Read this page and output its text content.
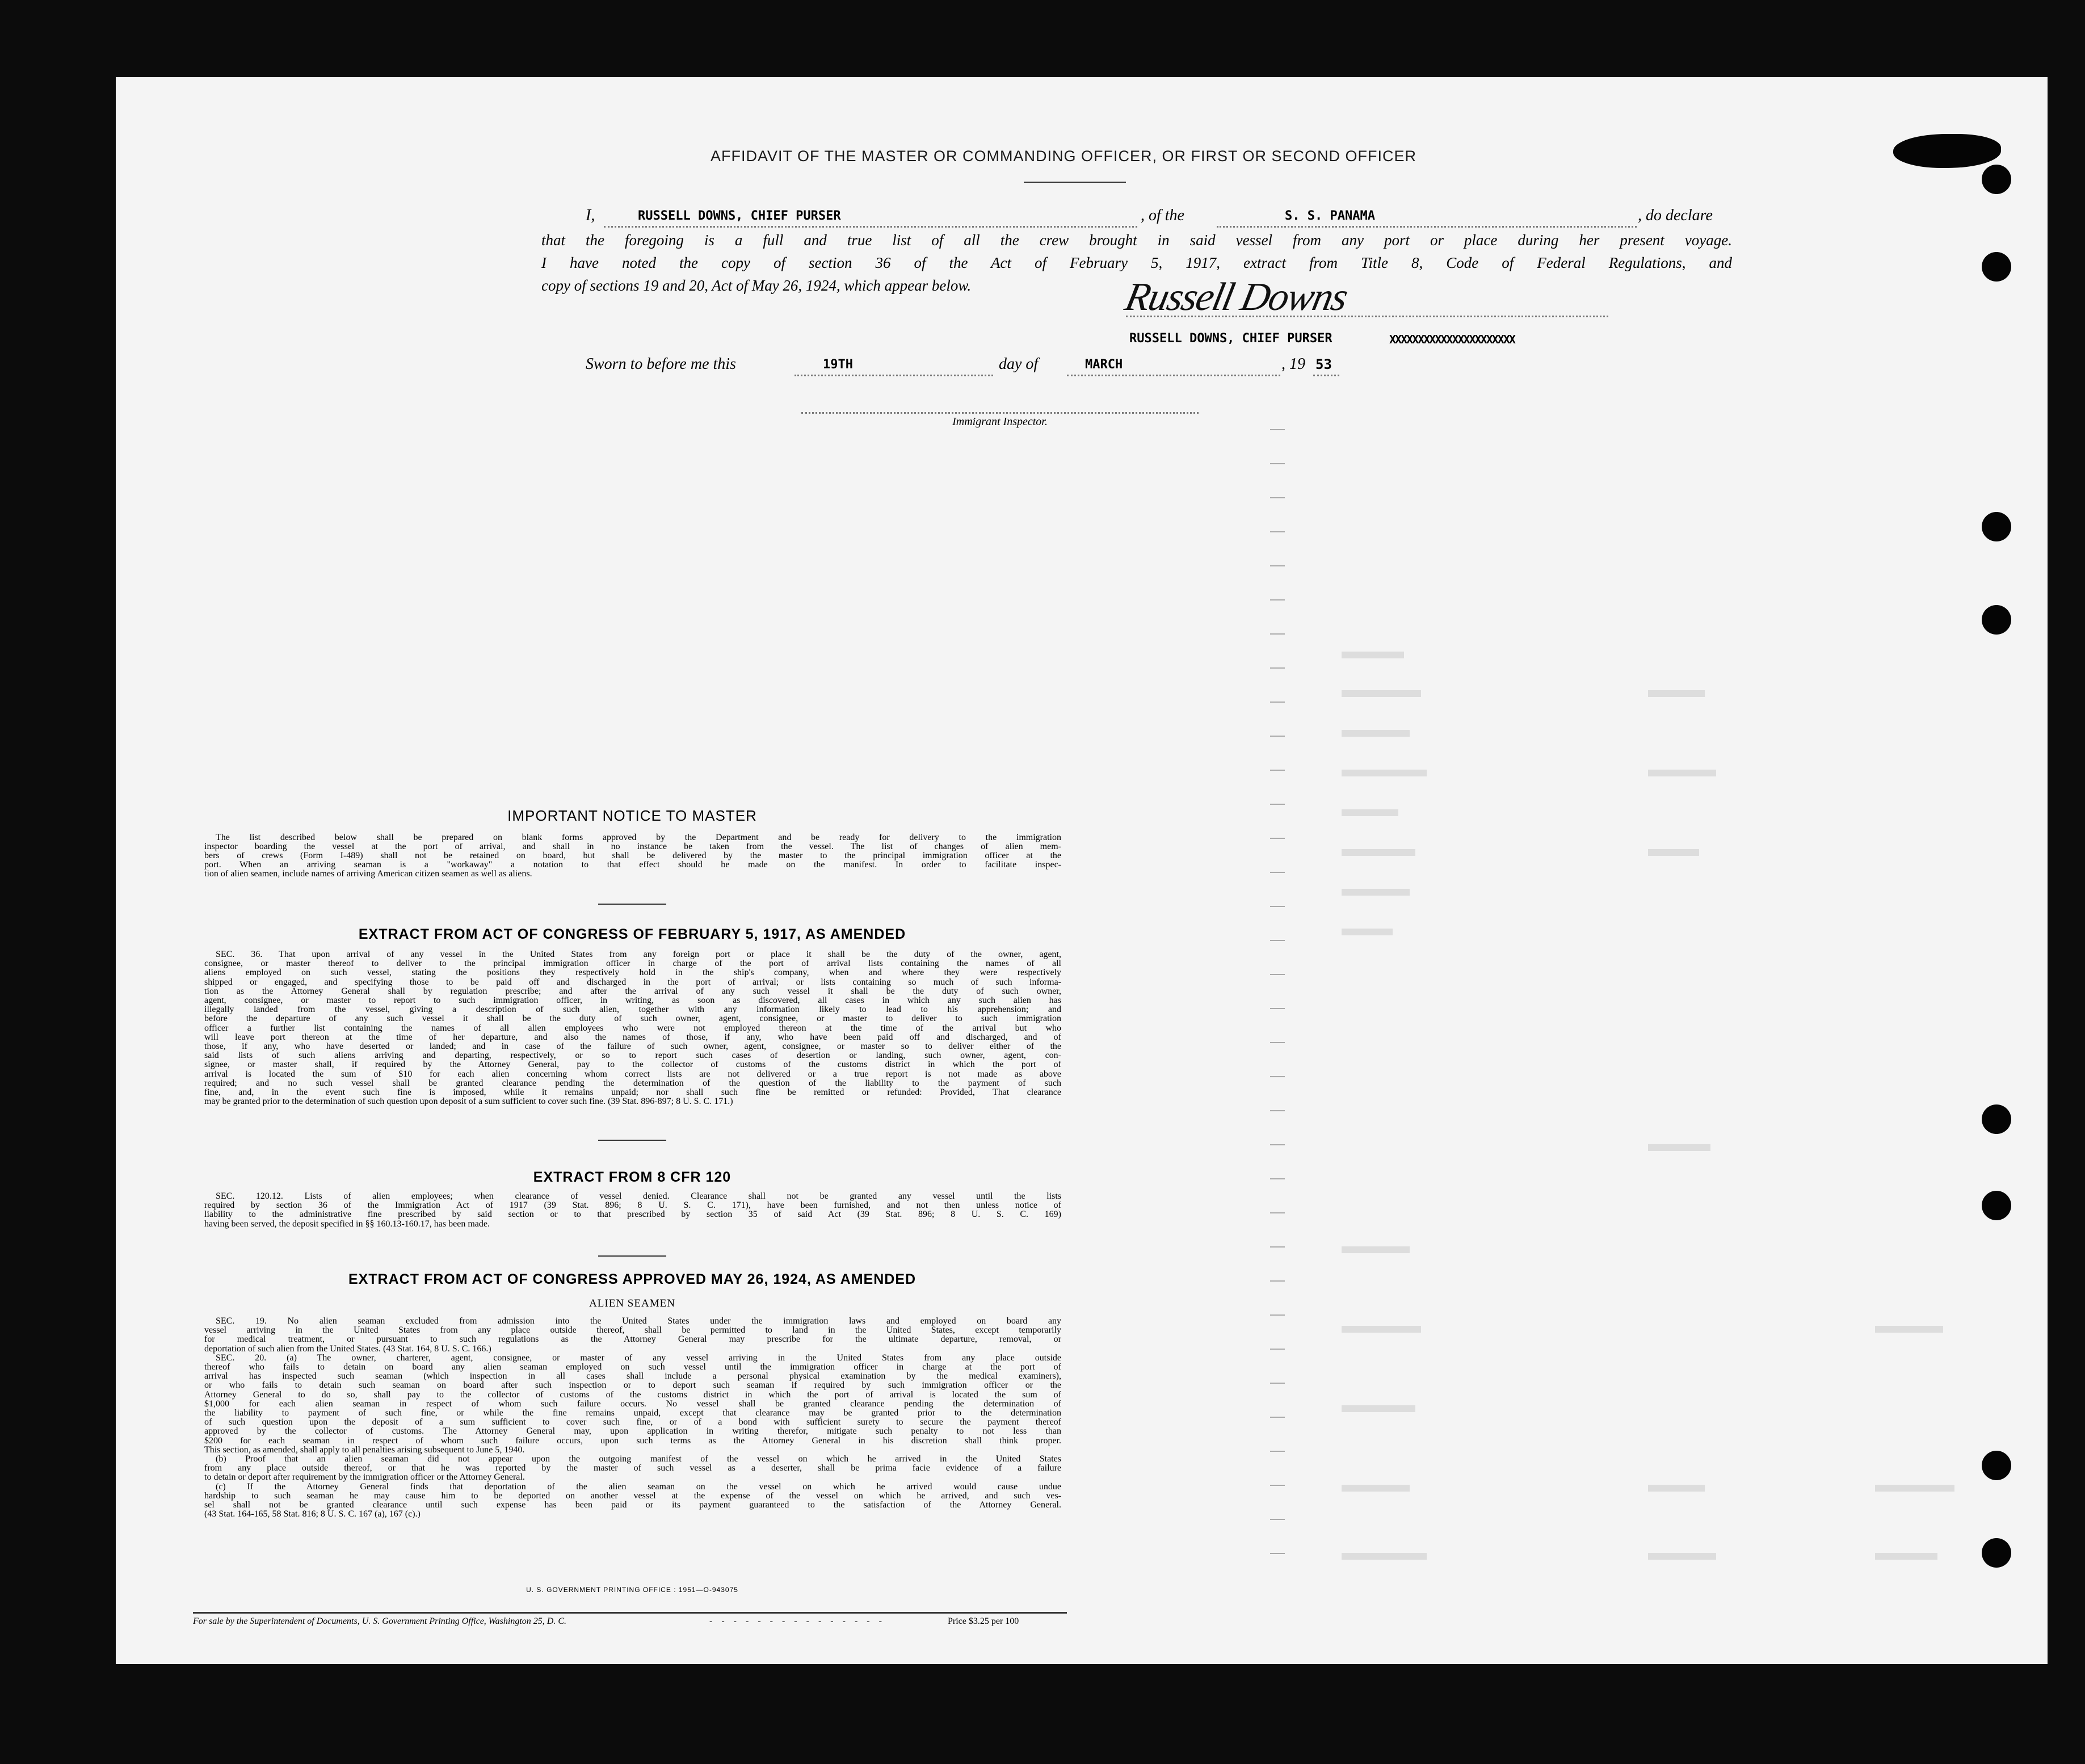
AFFIDAVIT OF THE MASTER OR COMMANDING OFFICER, OR FIRST OR SECOND OFFICER
I,	RUSSELL DOWNS, CHIEF PURSER	, of the	S. S. PANAMA	, do declare
that the foregoing is a full and true list of all the crew brought in said vessel from any port or place during her present voyage.
I have noted the copy of section 36 of the Act of February 5, 1917, extract from Title 8, Code of Federal Regulations, and
copy of sections 19 and 20, Act of May 26, 1924, which appear below.	Russell Downs
RUSSELL DOWNS, CHIEF PURSER	XXXXXXXXXXXXXXXXXXXXXX
Sworn to before me this	19TH	day of	MARCH	, 19 53
Immigrant Inspector.
IMPORTANT NOTICE TO MASTER
The list described below shall be prepared on blank forms approved by the Department and be ready for delivery to the immigration
inspector boarding the vessel at the port of arrival, and shall in no instance be taken from the vessel. The list of changes of alien mem-
bers of crews (Form I-489) shall not be retained on board, but shall be delivered by the master to the principal immigration officer at the
port. When an arriving seaman is a "workaway" a notation to that effect should be made on the manifest. In order to facilitate inspec-
tion of alien seamen, include names of arriving American citizen seamen as well as aliens.
EXTRACT FROM ACT OF CONGRESS OF FEBRUARY 5, 1917, AS AMENDED
SEC. 36. That upon arrival of any vessel in the United States from any foreign port or place it shall be the duty of the owner, agent,
consignee, or master thereof to deliver to the principal immigration officer in charge of the port of arrival lists containing the names of all
aliens employed on such vessel, stating the positions they respectively hold in the ship's company, when and where they were respectively
shipped or engaged, and specifying those to be paid off and discharged in the port of arrival; or lists containing so much of such informa-
tion as the Attorney General shall by regulation prescribe; and after the arrival of any such vessel it shall be the duty of such owner,
agent, consignee, or master to report to such immigration officer, in writing, as soon as discovered, all cases in which any such alien has
illegally landed from the vessel, giving a description of such alien, together with any information likely to lead to his apprehension; and
before the departure of any such vessel it shall be the duty of such owner, agent, consignee, or master to deliver to such immigration
officer a further list containing the names of all alien employees who were not employed thereon at the time of the arrival but who
will leave port thereon at the time of her departure, and also the names of those, if any, who have been paid off and discharged, and of
those, if any, who have deserted or landed; and in case of the failure of such owner, agent, consignee, or master so to deliver either of the
said lists of such aliens arriving and departing, respectively, or so to report such cases of desertion or landing, such owner, agent, con-
signee, or master shall, if required by the Attorney General, pay to the collector of customs of the customs district in which the port of
arrival is located the sum of $10 for each alien concerning whom correct lists are not delivered or a true report is not made as above
required; and no such vessel shall be granted clearance pending the determination of the question of the liability to the payment of such
fine, and, in the event such fine is imposed, while it remains unpaid; nor shall such fine be remitted or refunded: Provided, That clearance
may be granted prior to the determination of such question upon deposit of a sum sufficient to cover such fine. (39 Stat. 896-897; 8 U. S. C. 171.)
EXTRACT FROM 8 CFR 120
SEC. 120.12. Lists of alien employees; when clearance of vessel denied. Clearance shall not be granted any vessel until the lists
required by section 36 of the Immigration Act of 1917 (39 Stat. 896; 8 U. S. C. 171), have been furnished, and not then unless notice of
liability to the administrative fine prescribed by said section or to that prescribed by section 35 of said Act (39 Stat. 896; 8 U. S. C. 169)
having been served, the deposit specified in §§ 160.13-160.17, has been made.
EXTRACT FROM ACT OF CONGRESS APPROVED MAY 26, 1924, AS AMENDED
ALIEN SEAMEN
SEC. 19. No alien seaman excluded from admission into the United States under the immigration laws and employed on board any
vessel arriving in the United States from any place outside thereof, shall be permitted to land in the United States, except temporarily
for medical treatment, or pursuant to such regulations as the Attorney General may prescribe for the ultimate departure, removal, or
deportation of such alien from the United States. (43 Stat. 164, 8 U. S. C. 166.)
SEC. 20. (a) The owner, charterer, agent, consignee, or master of any vessel arriving in the United States from any place outside
thereof who fails to detain on board any alien seaman employed on such vessel until the immigration officer in charge at the port of
arrival has inspected such seaman (which inspection in all cases shall include a personal physical examination by the medical examiners),
or who fails to detain such seaman on board after such inspection or to deport such seaman if required by such immigration officer or the
Attorney General to do so, shall pay to the collector of customs of the customs district in which the port of arrival is located the sum of
$1,000 for each alien seaman in respect of whom such failure occurs. No vessel shall be granted clearance pending the determination of
the liability to payment of such fine, or while the fine remains unpaid, except that clearance may be granted prior to the determination
of such question upon the deposit of a sum sufficient to cover such fine, or of a bond with sufficient surety to secure the payment thereof
approved by the collector of customs. The Attorney General may, upon application in writing therefor, mitigate such penalty to not less than
$200 for each seaman in respect of whom such failure occurs, upon such terms as the Attorney General in his discretion shall think proper.
This section, as amended, shall apply to all penalties arising subsequent to June 5, 1940.
(b) Proof that an alien seaman did not appear upon the outgoing manifest of the vessel on which he arrived in the United States
from any place outside thereof, or that he was reported by the master of such vessel as a deserter, shall be prima facie evidence of a failure
to detain or deport after requirement by the immigration officer or the Attorney General.
(c) If the Attorney General finds that deportation of the alien seaman on the vessel on which he arrived would cause undue
hardship to such seaman he may cause him to be deported on another vessel at the expense of the vessel on which he arrived, and such ves-
sel shall not be granted clearance until such expense has been paid or its payment guaranteed to the satisfaction of the Attorney General.
(43 Stat. 164-165, 58 Stat. 816; 8 U. S. C. 167 (a), 167 (c).)
U. S. GOVERNMENT PRINTING OFFICE : 1951—O-943075
For sale by the Superintendent of Documents, U. S. Government Printing Office, Washington 25, D. C.	- - - - - - - - - - - - - - -	Price $3.25 per 100
